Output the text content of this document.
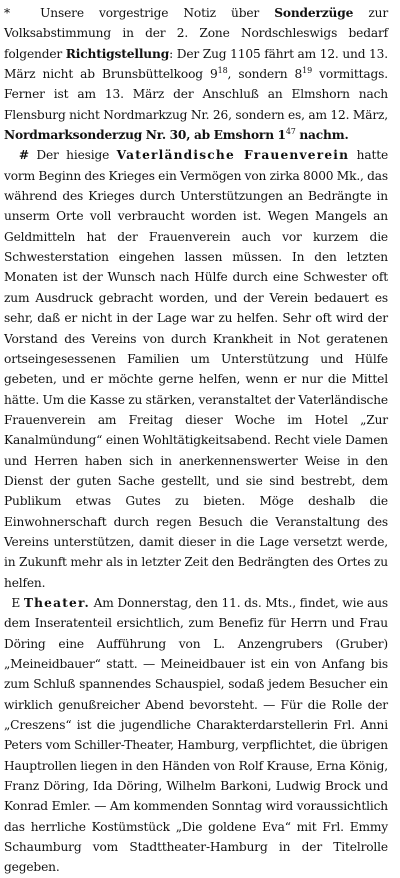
* Unsere vorgestrige Notiz über Sonderzüge zur Volksabstimmung in der 2. Zone Nordschleswigs bedarf folgender Richtigstellung: Der Zug 1105 fährt am 12. und 13. März nicht ab Brunsbüttelkoog $9^{18}$, sondern $8^{19}$ vormittags. Ferner ist am 13. März der Anschluß an Elmshorn nach Flensburg nicht Nordmarkzug Nr. 26, sondern es, am 12. März, Nordmarksonderzug Nr. 30, ab Emshorn $1^{47}$ nachm.

# Der hiesige Vaterländische Frauenverein hatte vorm Beginn des Krieges ein Vermögen von zirka 8000 Mk., das während des Krieges durch Unterstützungen an Bedrängte in unserm Orte voll verbraucht worden ist. Wegen Mangels an Geldmitteln hat der Frauenverein auch vor kurzem die Schwesterstation eingehen lassen müssen. In den letzten Monaten ist der Wunsch nach Hülfe durch eine Schwester oft zum Ausdruck gebracht worden, und der Verein bedauert es sehr, daß er nicht in der Lage war zu helfen. Sehr oft wird der Vorstand des Vereins von durch Krankheit in Not geratenen ortseingesessenen Familien um Unterstützung und Hülfe gebeten, und er möchte gerne helfen, wenn er nur die Mittel hätte. Um die Kasse zu stärken, veranstaltet der Vaterländische Frauenverein am Freitag dieser Woche im Hotel „Zur Kanalmündung“ einen Wohltätigkeitsabend. Recht viele Damen und Herren haben sich in anerkennenswerter Weise in den Dienst der guten Sache gestellt, und sie sind bestrebt, dem Publikum etwas Gutes zu bieten. Möge deshalb die Einwohnerschaft durch regen Besuch die Veranstaltung des Vereins unterstützen, damit dieser in die Lage versetzt werde, in Zukunft mehr als in letzter Zeit den Bedrängten des Ortes zu helfen.

E Theater. Am Donnerstag, den 11. ds. Mts., findet, wie aus dem Inseratenteil ersichtlich, zum Benefiz für Herrn und Frau Döring eine Aufführung von L. Anzengrubers (Gruber) „Meineidbauer“ statt. — Meineidbauer ist ein von Anfang bis zum Schluß spannendes Schauspiel, sodaß jedem Besucher ein wirklich genußreicher Abend bevorsteht. — Für die Rolle der „Creszens“ ist die jugendliche Charakterdarstellerin Frl. Anni Peters vom Schiller-Theater, Hamburg, verpflichtet, die übrigen Hauptrollen liegen in den Händen von Rolf Krause, Erna König, Franz Döring, Ida Döring, Wilhelm Barkoni, Ludwig Brock und Konrad Emler. — Am kommenden Sonntag wird voraussichtlich das herrliche Kostümstück „Die goldene Eva“ mit Frl. Emmy Schaumburg vom Stadttheater-Hamburg in der Titelrolle gegeben.
